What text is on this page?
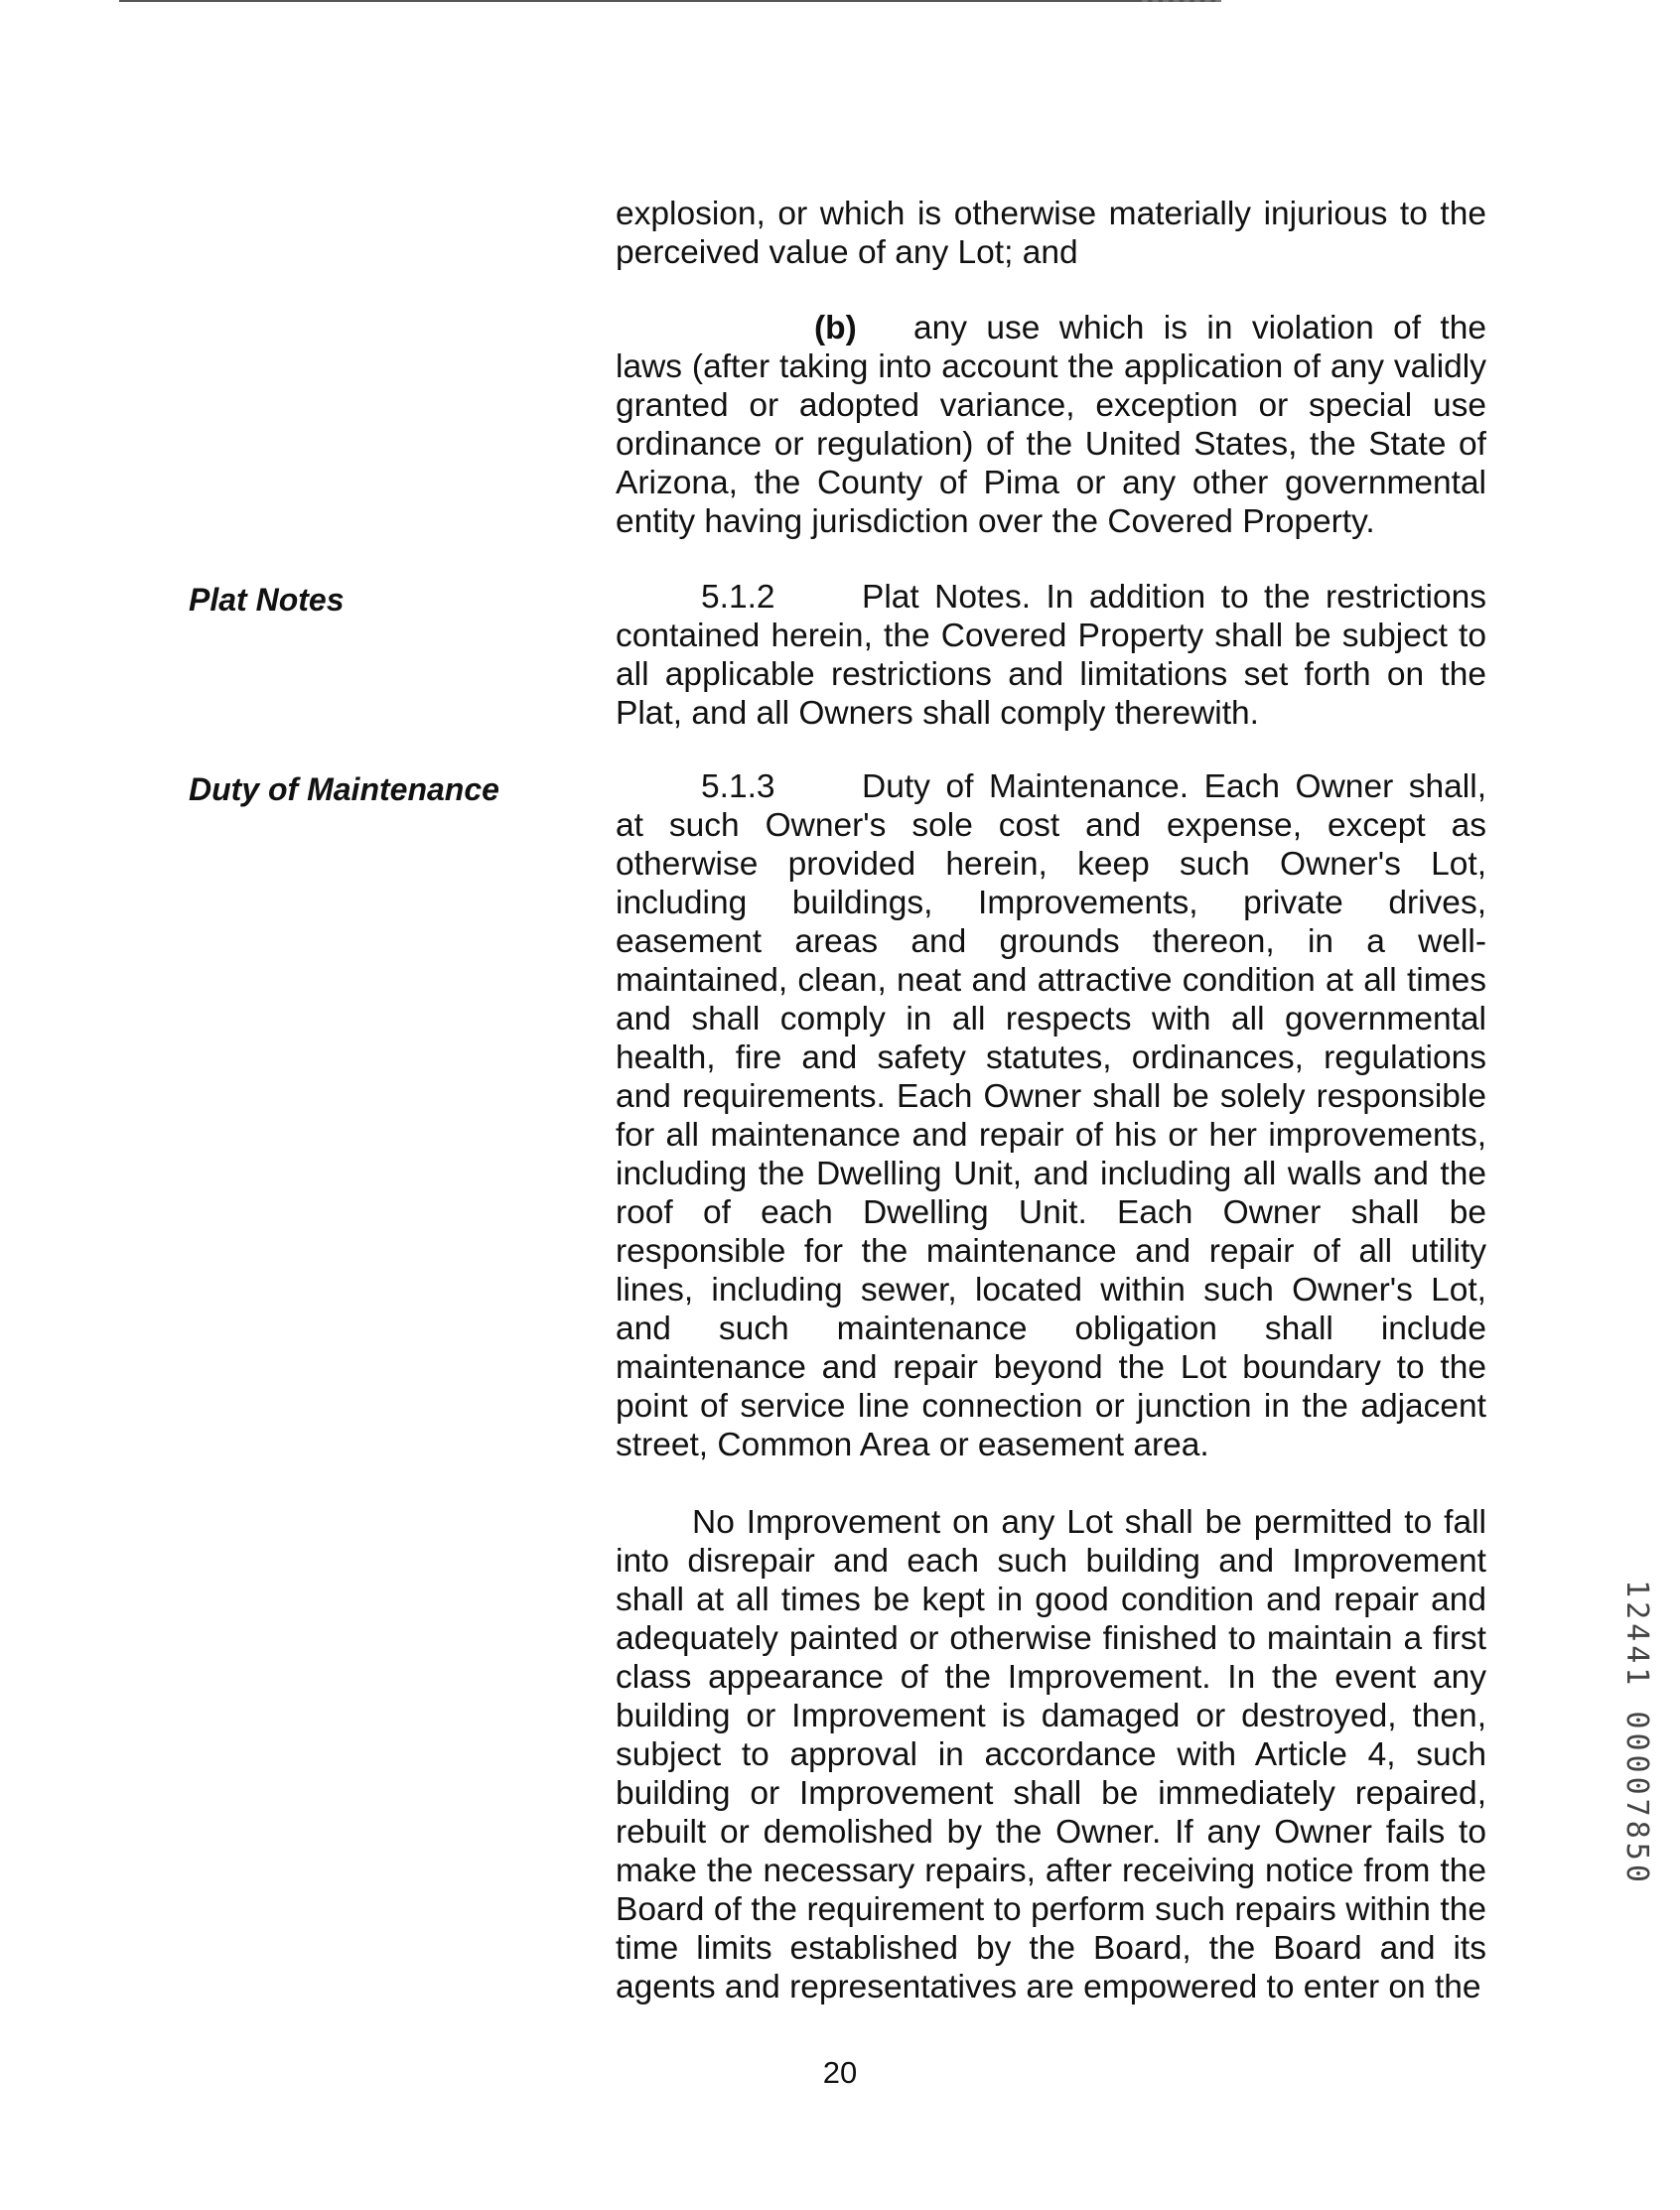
explosion, or which is otherwise materially injurious to the perceived value of any Lot; and

(b) any use which is in violation of the laws (after taking into account the application of any validly granted or adopted variance, exception or special use ordinance or regulation) of the United States, the State of Arizona, the County of Pima or any other governmental entity having jurisdiction over the Covered Property.

Plat Notes	5.1.2	Plat Notes. In addition to the restrictions contained herein, the Covered Property shall be subject to all applicable restrictions and limitations set forth on the Plat, and all Owners shall comply therewith.

Duty of Maintenance	5.1.3	Duty of Maintenance. Each Owner shall, at such Owner's sole cost and expense, except as otherwise provided herein, keep such Owner's Lot, including buildings, Improvements, private drives, easement areas and grounds thereon, in a well-maintained, clean, neat and attractive condition at all times and shall comply in all respects with all governmental health, fire and safety statutes, ordinances, regulations and requirements. Each Owner shall be solely responsible for all maintenance and repair of his or her improvements, including the Dwelling Unit, and including all walls and the roof of each Dwelling Unit. Each Owner shall be responsible for the maintenance and repair of all utility lines, including sewer, located within such Owner's Lot, and such maintenance obligation shall include maintenance and repair beyond the Lot boundary to the point of service line connection or junction in the adjacent street, Common Area or easement area.

No Improvement on any Lot shall be permitted to fall into disrepair and each such building and Improvement shall at all times be kept in good condition and repair and adequately painted or otherwise finished to maintain a first class appearance of the Improvement. In the event any building or Improvement is damaged or destroyed, then, subject to approval in accordance with Article 4, such building or Improvement shall be immediately repaired, rebuilt or demolished by the Owner. If any Owner fails to make the necessary repairs, after receiving notice from the Board of the requirement to perform such repairs within the time limits established by the Board, the Board and its agents and representatives are empowered to enter on the

20

12441 00007850
